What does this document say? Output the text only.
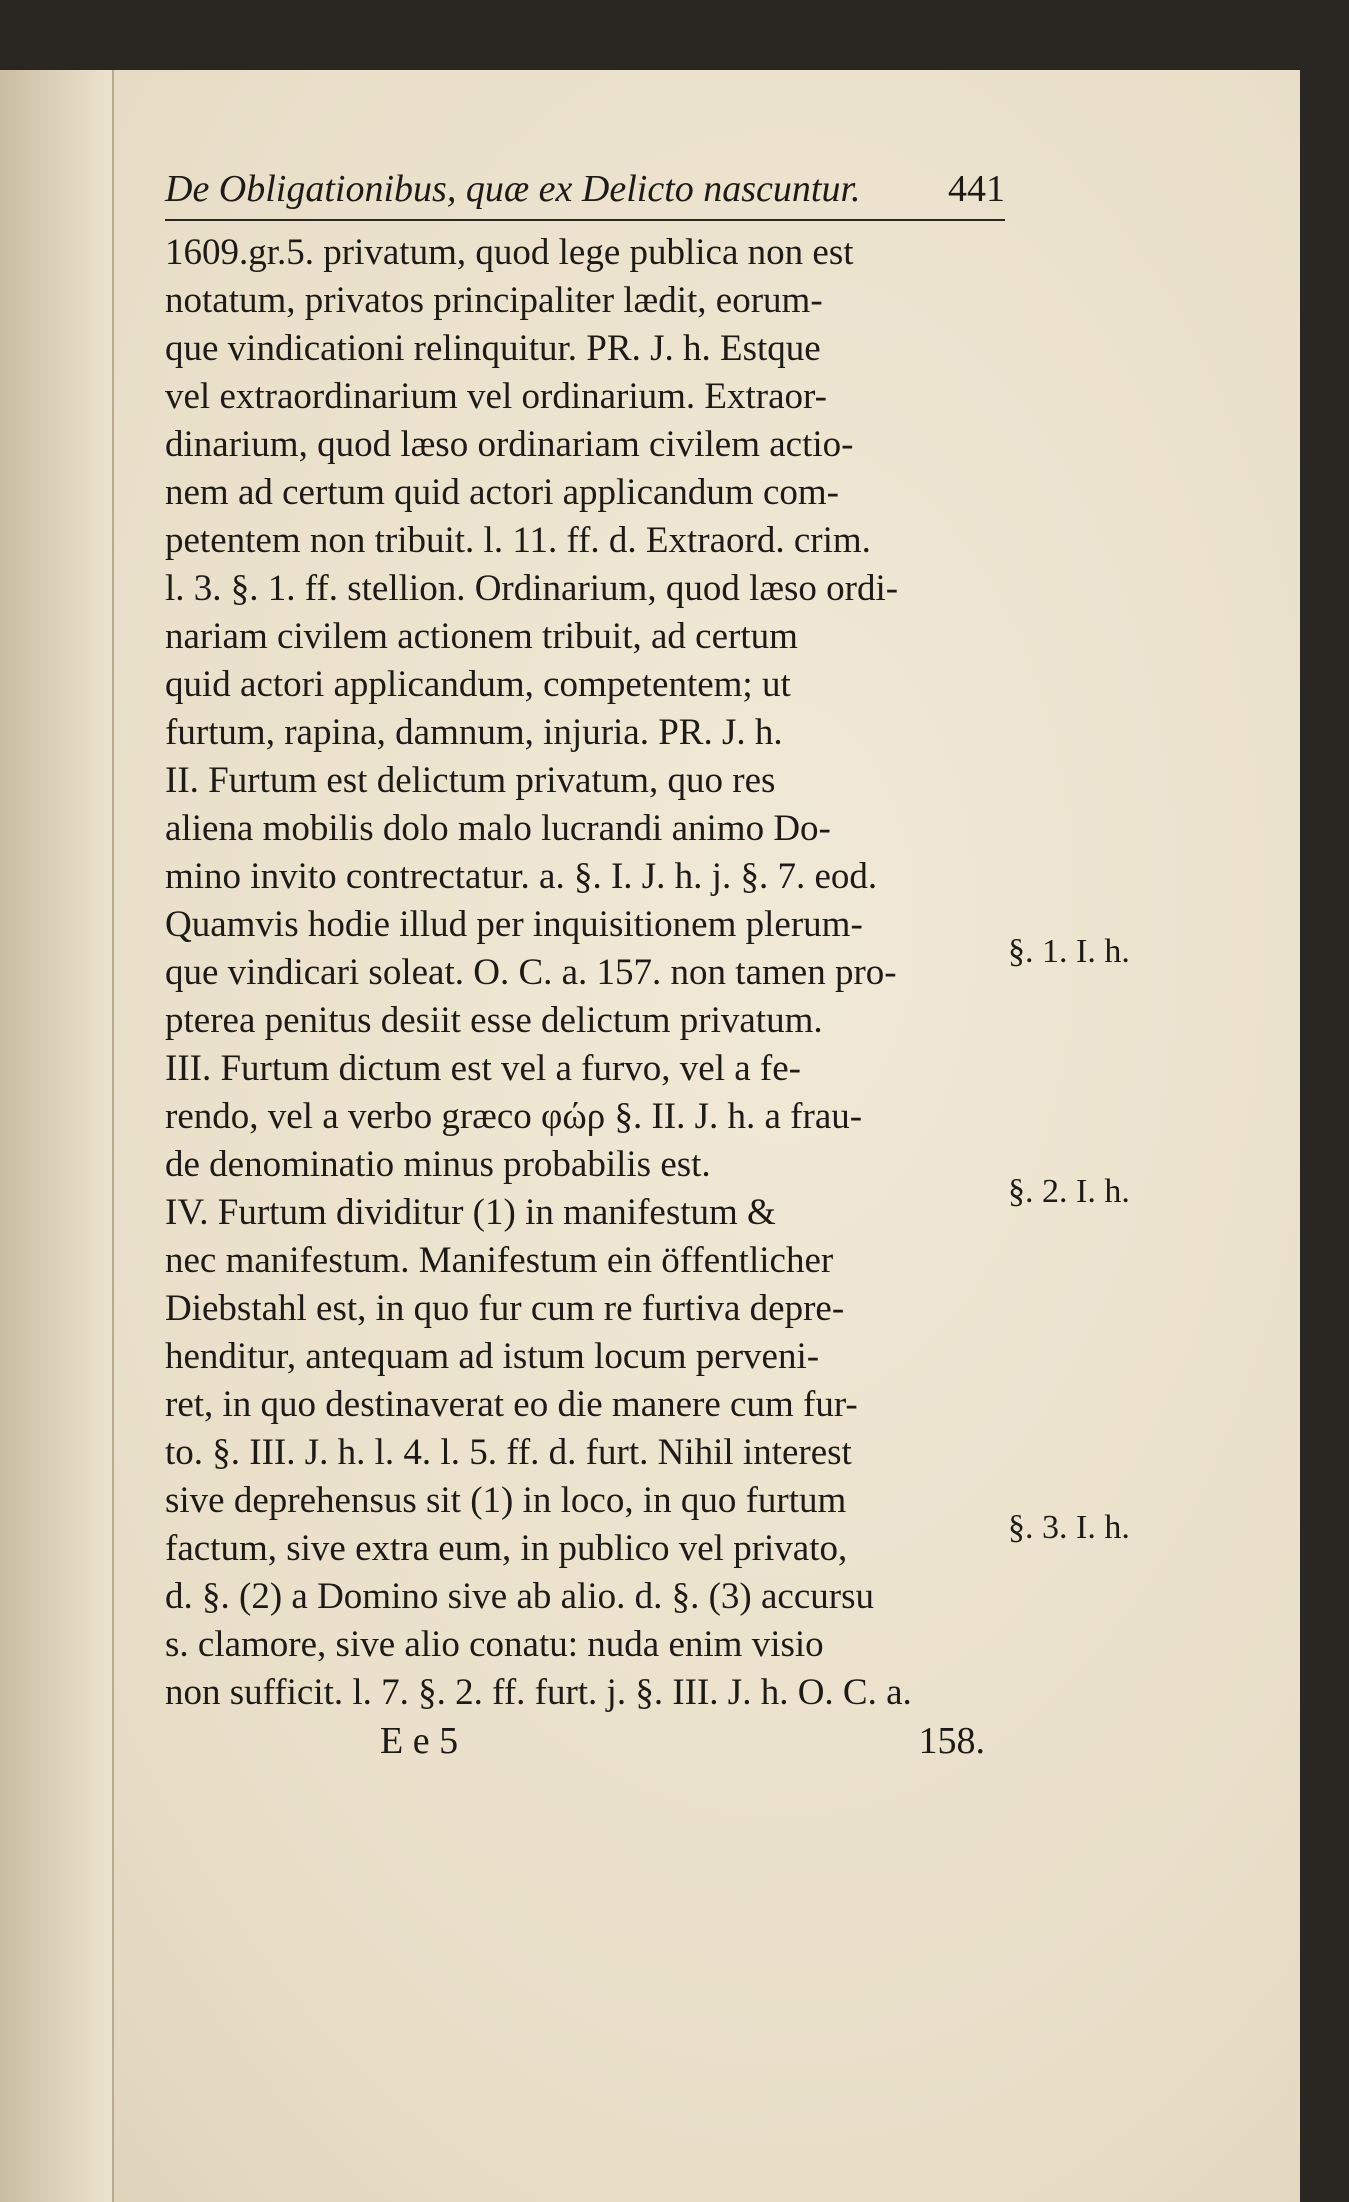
De Obligationibus, quæ ex Delicto nascuntur. 441
1609.gr.5. privatum, quod lege publica non est
notatum, privatos principaliter lædit, eorum-
que vindicationi relinquitur. PR. J. h. Estque
vel extraordinarium vel ordinarium. Extraor-
dinarium, quod læso ordinariam civilem actio-
nem ad certum quid actori applicandum com-
petentem non tribuit. l. 11. ff. d. Extraord. crim.
l. 3. §. 1. ff. stellion. Ordinarium, quod læso ordi-
nariam civilem actionem tribuit, ad certum
quid actori applicandum, competentem; ut
furtum, rapina, damnum, injuria. PR. J. h.
II. Furtum est delictum privatum, quo res
aliena mobilis dolo malo lucrandi animo Do-
mino invito contrectatur. a. §. I. J. h. j. §. 7. eod.
Quamvis hodie illud per inquisitionem plerum-
que vindicari soleat. O. C. a. 157. non tamen pro-
pterea penitus desiit esse delictum privatum.
III. Furtum dictum est vel a furvo, vel a fe-
rendo, vel a verbo græco φώρ §. II. J. h. a frau-
de denominatio minus probabilis est.
IV. Furtum dividitur (1) in manifestum &
nec manifestum. Manifestum ein öffentlicher
Diebstahl est, in quo fur cum re furtiva depre-
henditur, antequam ad istum locum perveni-
ret, in quo destinaverat eo die manere cum fur-
to. §. III. J. h. l. 4. l. 5. ff. d. furt. Nihil interest
sive deprehensus sit (1) in loco, in quo furtum
factum, sive extra eum, in publico vel privato,
d. §. (2) a Domino sive ab alio. d. §. (3) accursu
s. clamore, sive alio conatu: nuda enim visio
non sufficit. l. 7. §. 2. ff. furt. j. §. III. J. h. O. C. a.
E e 5	158.
§. 1. I. h.
§. 2. I. h.
§. 3. I. h.
